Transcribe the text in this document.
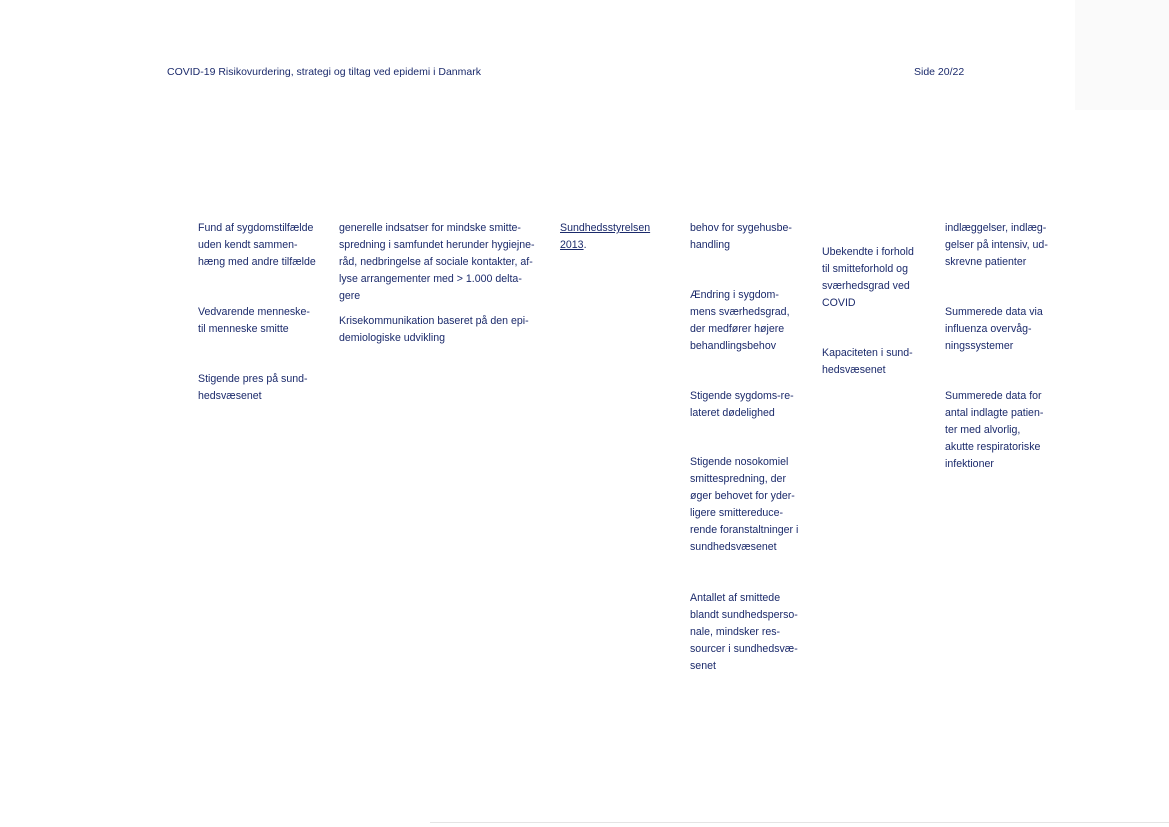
COVID-19 Risikovurdering, strategi og tiltag ved epidemi i Danmark	Side 20/22
Fund af sygdomstilfælde
uden kendt sammen-
hæng med andre tilfælde
Vedvarende menneske-
til menneske smitte
Stigende pres på sund-
hedsvæsenet
generelle indsatser for mindske smitte-
spredning i samfundet herunder hygiejne-
råd, nedbringelse af sociale kontakter, af-
lyse arrangementer med > 1.000 delta-
gere
Krisekommunikation baseret på den epi-
demiologiske udvikling
Sundhedsstyrelsen
2013.
behov for sygehusbe-
handling
Ændring i sygdom-
mens sværhedsgrad,
der medfører højere
behandlingsbehov
Stigende sygdoms-re-
lateret dødelighed
Stigende nosokomiel
smittespredning, der
øger behovet for yder-
ligere smittereduce-
rende foranstaltninger i
sundhedsvæsenet
Antallet af smittede
blandt sundhedsperso-
nale, mindsker res-
sourcer i sundhedsvæ-
senet
Ubekendte i forhold
til smitteforhold og
sværhedsgrad ved
COVID
Kapaciteten i sund-
hedsvæsenet
indlæggelser, indlæg-
gelser på intensiv, ud-
skrevne patienter
Summerede data via
influenza overvåg-
ningssystemer
Summerede data for
antal indlagte patien-
ter med alvorlig,
akutte respiratoriske
infektioner
